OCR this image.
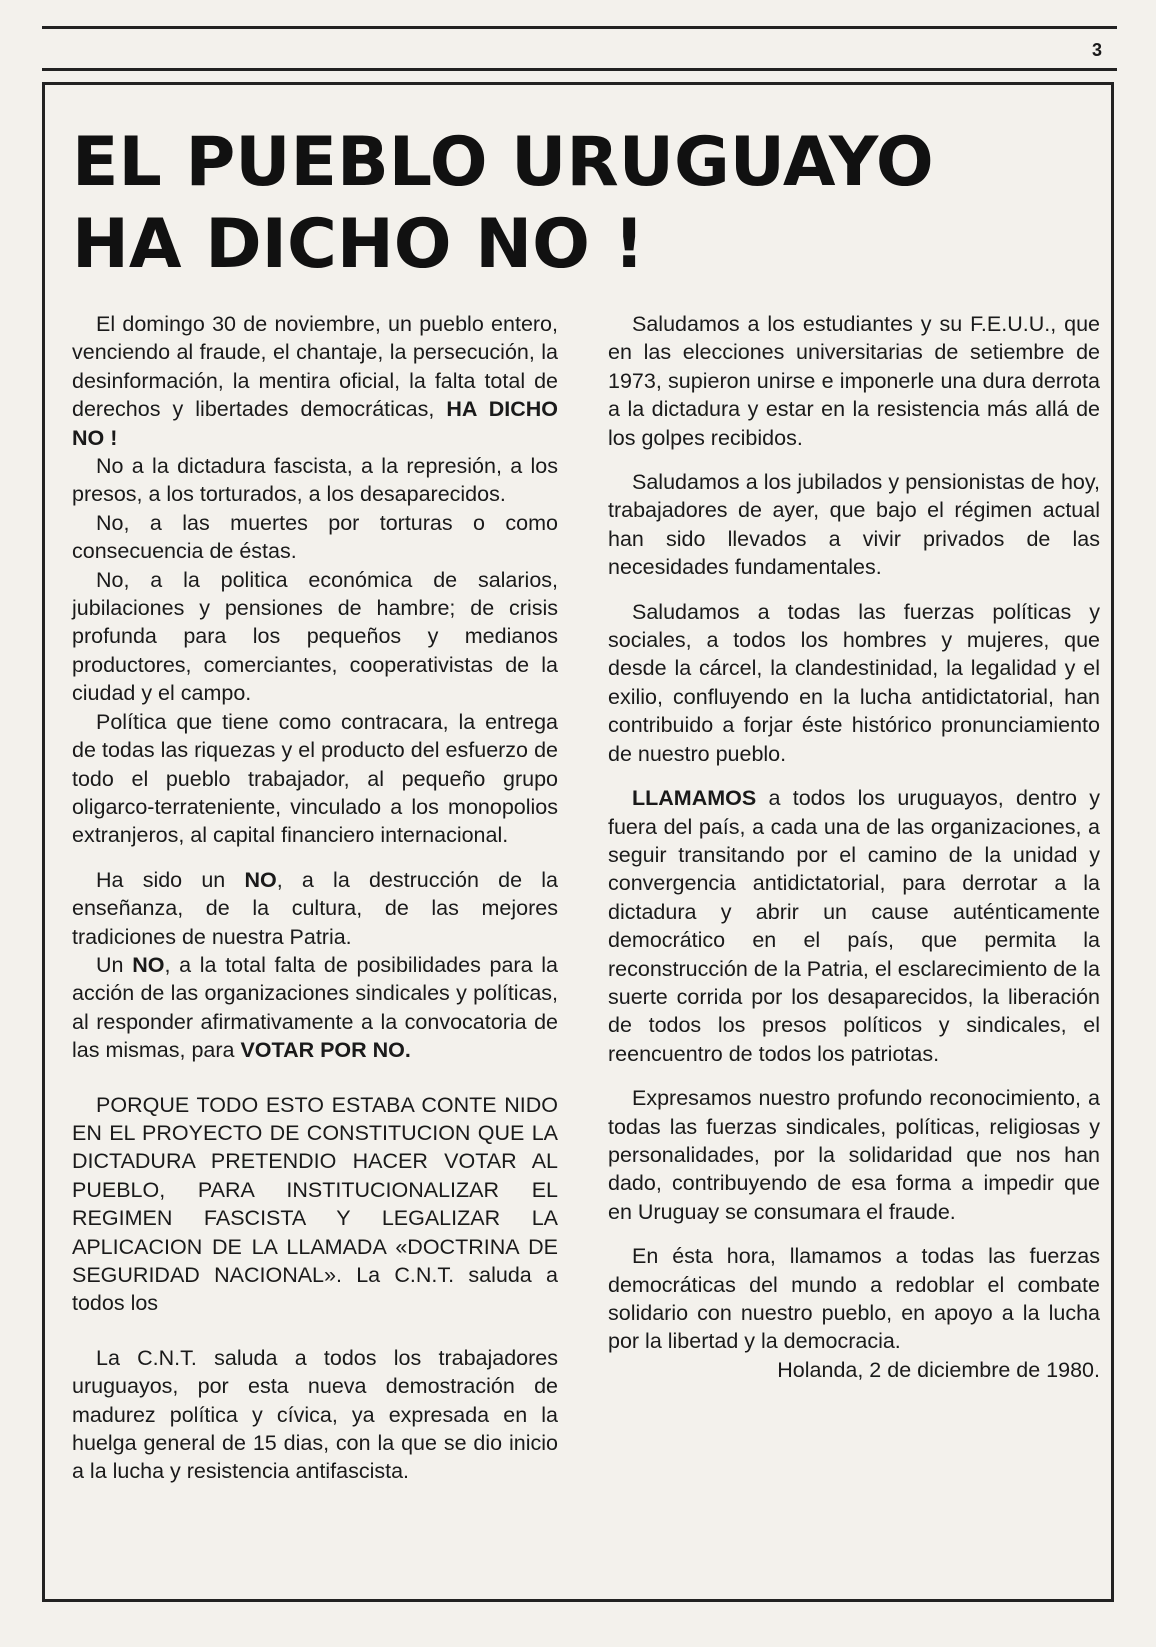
3
EL PUEBLO URUGUAYO
HA DICHO NO !

El domingo 30 de noviembre, un pueblo entero, venciendo al fraude, el chantaje, la persecución, la desinformación, la mentira oficial, la falta total de derechos y libertades democráticas, HA DICHO NO !

No a la dictadura fascista, a la represión, a los presos, a los torturados, a los desaparecidos.

No, a las muertes por torturas o como consecuencia de éstas.

No, a la politica económica de salarios, jubilaciones y pensiones de hambre; de crisis profunda para los pequeños y medianos productores, comerciantes, cooperativistas de la ciudad y el campo.

Política que tiene como contracara, la entrega de todas las riquezas y el producto del esfuerzo de todo el pueblo trabajador, al pequeño grupo oligarco-terrateniente, vinculado a los monopolios extranjeros, al capital financiero internacional.

Ha sido un NO, a la destrucción de la enseñanza, de la cultura, de las mejores tradiciones de nuestra Patria.

Un NO, a la total falta de posibilidades para la acción de las organizaciones sindicales y políticas, al responder afirmativamente a la convocatoria de las mismas, para VOTAR POR NO.

PORQUE TODO ESTO ESTABA CONTE NIDO EN EL PROYECTO DE CONSTITUCION QUE LA DICTADURA PRETENDIO HACER VOTAR AL PUEBLO, PARA INSTITUCIONALIZAR EL REGIMEN FASCISTA Y LEGALIZAR LA APLICACION DE LA LLAMADA «DOCTRINA DE SEGURIDAD NACIONAL». La C.N.T. saluda a todos los

La C.N.T. saluda a todos los trabajadores uruguayos, por esta nueva demostración de madurez política y cívica, ya expresada en la huelga general de 15 dias, con la que se dio inicio a la lucha y resistencia antifascista.

Saludamos a los estudiantes y su F.E.U.U., que en las elecciones universitarias de setiembre de 1973, supieron unirse e imponerle una dura derrota a la dictadura y estar en la resistencia más allá de los golpes recibidos.

Saludamos a los jubilados y pensionistas de hoy, trabajadores de ayer, que bajo el régimen actual han sido llevados a vivir privados de las necesidades fundamentales.

Saludamos a todas las fuerzas políticas y sociales, a todos los hombres y mujeres, que desde la cárcel, la clandestinidad, la legalidad y el exilio, confluyendo en la lucha antidictatorial, han contribuido a forjar éste histórico pronunciamiento de nuestro pueblo.

LLAMAMOS a todos los uruguayos, dentro y fuera del país, a cada una de las organizaciones, a seguir transitando por el camino de la unidad y convergencia antidictatorial, para derrotar a la dictadura y abrir un cause auténticamente democrático en el país, que permita la reconstrucción de la Patria, el esclarecimiento de la suerte corrida por los desaparecidos, la liberación de todos los presos políticos y sindicales, el reencuentro de todos los patriotas.

Expresamos nuestro profundo reconocimiento, a todas las fuerzas sindicales, políticas, religiosas y personalidades, por la solidaridad que nos han dado, contribuyendo de esa forma a impedir que en Uruguay se consumara el fraude.

En ésta hora, llamamos a todas las fuerzas democráticas del mundo a redoblar el combate solidario con nuestro pueblo, en apoyo a la lucha por la libertad y la democracia.

Holanda, 2 de diciembre de 1980.
